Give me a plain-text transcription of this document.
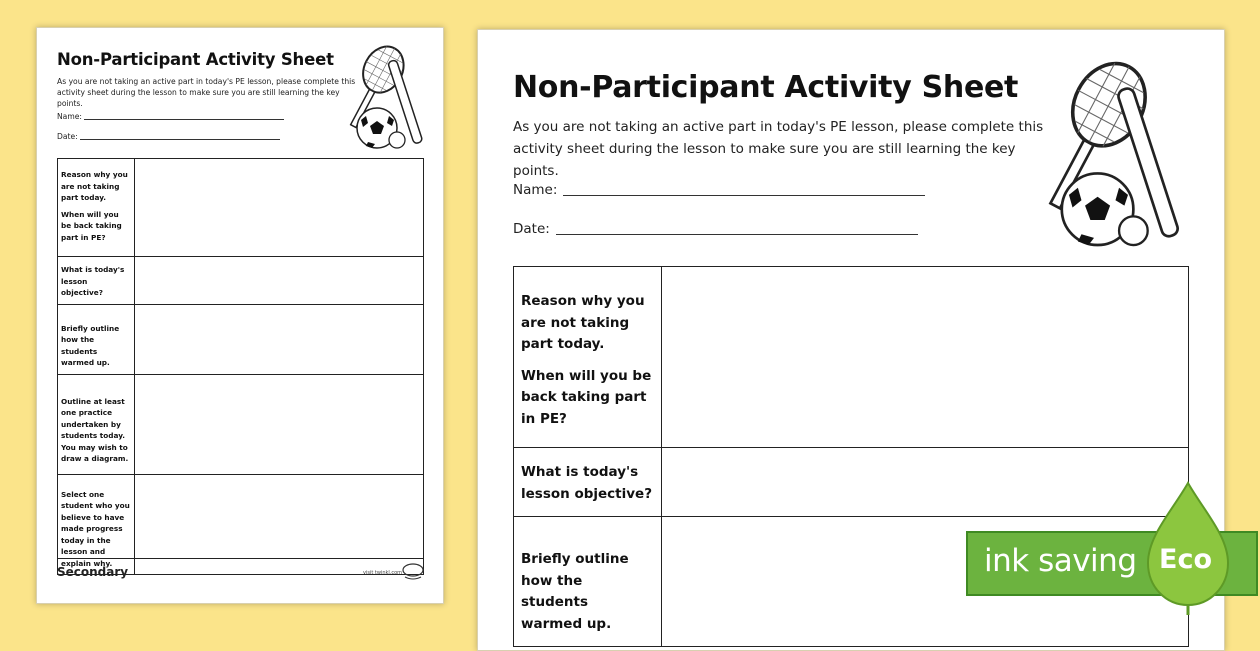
Non-Participant Activity Sheet
As you are not taking an active part in today's PE lesson, please complete this activity sheet during the lesson to make sure you are still learning the key points.
Name:
Date:

Reason why you are not taking part today.

When will you be back taking part in PE?	

What is today's lesson objective?	

Briefly outline how the students warmed up.	

Outline at least one practice undertaken by students today. You may wish to draw a diagram.	

Select one student who you believe to have made progress today in the lesson and explain why.	

Secondary	visit twinkl.com
Non-Participant Activity Sheet
As you are not taking an active part in today's PE lesson, please complete this activity sheet during the lesson to make sure you are still learning the key points.
Name:
Date:

Reason why you are not taking part today.

When will you be back taking part in PE?	

What is today's lesson objective?	

Briefly outline how the students warmed up.	

ink saving Eco
